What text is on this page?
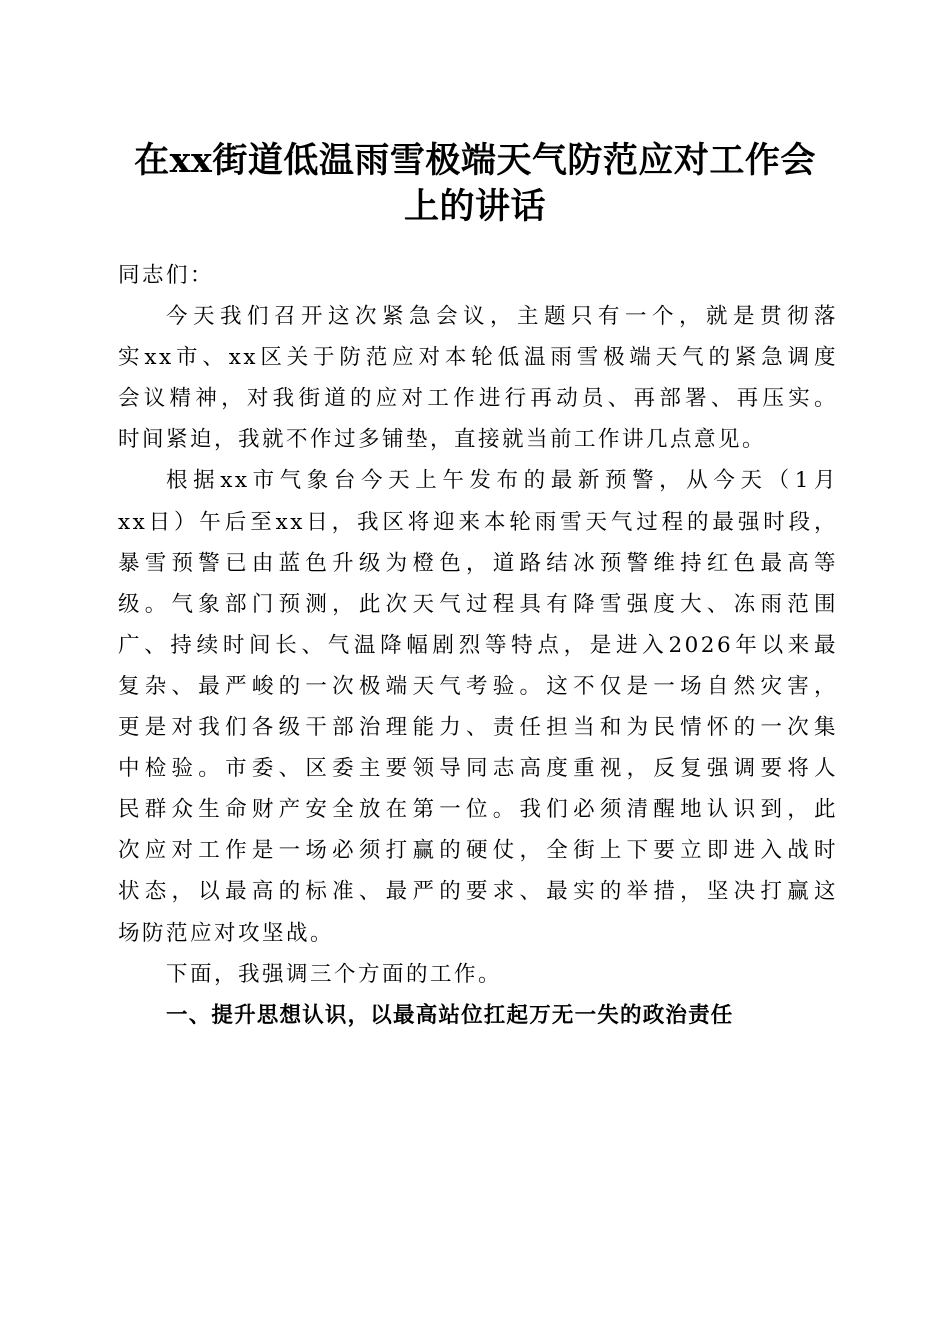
在xx街道低温雨雪极端天气防范应对工作会
上的讲话
同志们：
今天我们召开这次紧急会议，主题只有一个，就是贯彻落
实xx市、xx区关于防范应对本轮低温雨雪极端天气的紧急调度
会议精神，对我街道的应对工作进行再动员、再部署、再压实。
时间紧迫，我就不作过多铺垫，直接就当前工作讲几点意见。
根据xx市气象台今天上午发布的最新预警，从今天（1月
xx日）午后至xx日，我区将迎来本轮雨雪天气过程的最强时段，
暴雪预警已由蓝色升级为橙色，道路结冰预警维持红色最高等
级。气象部门预测，此次天气过程具有降雪强度大、冻雨范围
广、持续时间长、气温降幅剧烈等特点，是进入2026年以来最
复杂、最严峻的一次极端天气考验。这不仅是一场自然灾害，
更是对我们各级干部治理能力、责任担当和为民情怀的一次集
中检验。市委、区委主要领导同志高度重视，反复强调要将人
民群众生命财产安全放在第一位。我们必须清醒地认识到，此
次应对工作是一场必须打赢的硬仗，全街上下要立即进入战时
状态，以最高的标准、最严的要求、最实的举措，坚决打赢这
场防范应对攻坚战。
下面，我强调三个方面的工作。
一、提升思想认识，以最高站位扛起万无一失的政治责任
